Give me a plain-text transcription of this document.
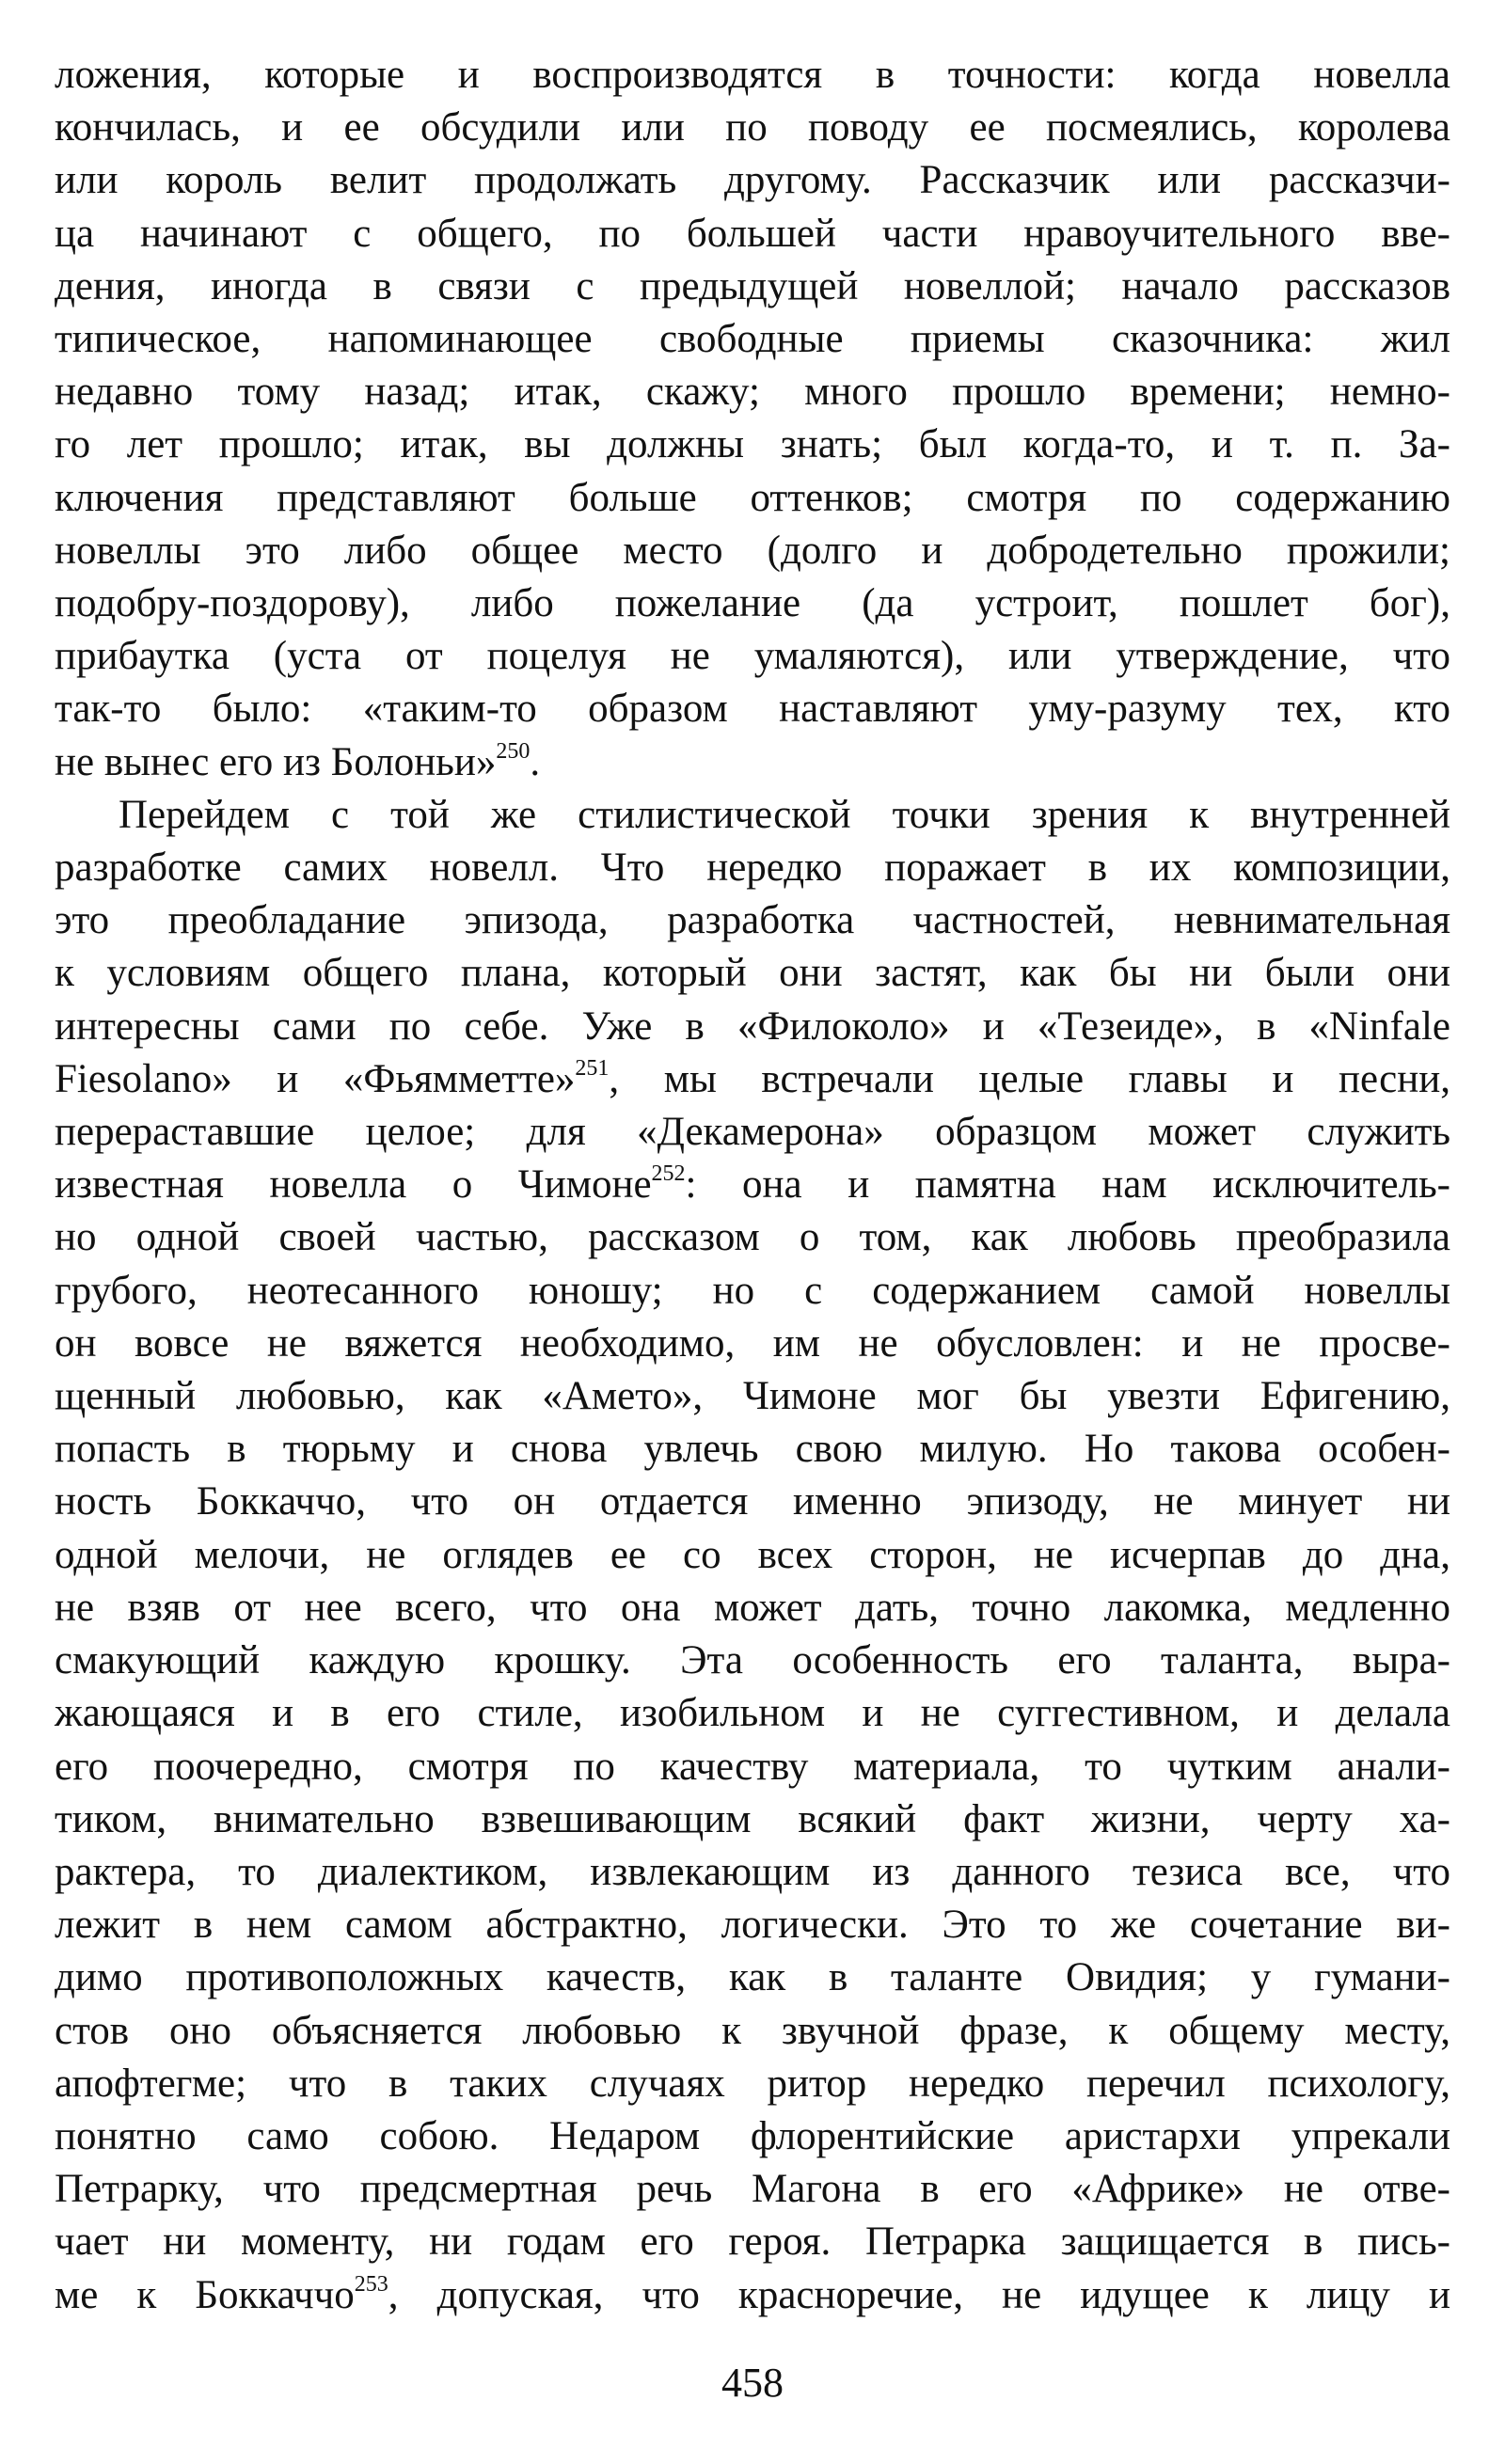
ложения, которые и воспроизводятся в точности: когда новелла
кончилась, и ее обсудили или по поводу ее посмеялись, королева
или король велит продолжать другому. Рассказчик или рассказчи-
ца начинают с общего, по большей части нравоучительного вве-
дения, иногда в связи с предыдущей новеллой; начало рассказов
типическое, напоминающее свободные приемы сказочника: жил
недавно тому назад; итак, скажу; много прошло времени; немно-
го лет прошло; итак, вы должны знать; был когда-то, и т. п. За-
ключения представляют больше оттенков; смотря по содержанию
новеллы это либо общее место (долго и добродетельно прожили;
подобру-поздорову), либо пожелание (да устроит, пошлет бог),
прибаутка (уста от поцелуя не умаляются), или утверждение, что
так-то было: «таким-то образом наставляют уму-разуму тех, кто
не вынес его из Болоньи»$^{250}$.

Перейдем с той же стилистической точки зрения к внутренней
разработке самих новелл. Что нередко поражает в их композиции,
это преобладание эпизода, разработка частностей, невнимательная
к условиям общего плана, который они застят, как бы ни были они
интересны сами по себе. Уже в «Филоколо» и «Тезеиде», в «Ninfale
Fiesolano» и «Фьямметте»$^{251}$, мы встречали целые главы и песни,
перераставшие целое; для «Декамерона» образцом может служить
известная новелла о Чимоне$^{252}$: она и памятна нам исключитель-
но одной своей частью, рассказом о том, как любовь преобразила
грубого, неотесанного юношу; но с содержанием самой новеллы
он вовсе не вяжется необходимо, им не обусловлен: и не просве-
щенный любовью, как «Амето», Чимоне мог бы увезти Ефигению,
попасть в тюрьму и снова увлечь свою милую. Но такова особен-
ность Боккаччо, что он отдается именно эпизоду, не минует ни
одной мелочи, не оглядев ее со всех сторон, не исчерпав до дна,
не взяв от нее всего, что она может дать, точно лакомка, медленно
смакующий каждую крошку. Эта особенность его таланта, выра-
жающаяся и в его стиле, изобильном и не суггестивном, и делала
его поочередно, смотря по качеству материала, то чутким анали-
тиком, внимательно взвешивающим всякий факт жизни, черту ха-
рактера, то диалектиком, извлекающим из данного тезиса все, что
лежит в нем самом абстрактно, логически. Это то же сочетание ви-
димо противоположных качеств, как в таланте Овидия; у гумани-
стов оно объясняется любовью к звучной фразе, к общему месту,
апофтегме; что в таких случаях ритор нередко перечил психологу,
понятно само собою. Недаром флорентийские аристархи упрекали
Петрарку, что предсмертная речь Магона в его «Африке» не отве-
чает ни моменту, ни годам его героя. Петрарка защищается в пись-
ме к Боккаччо$^{253}$, допуская, что красноречие, не идущее к лицу и

458
